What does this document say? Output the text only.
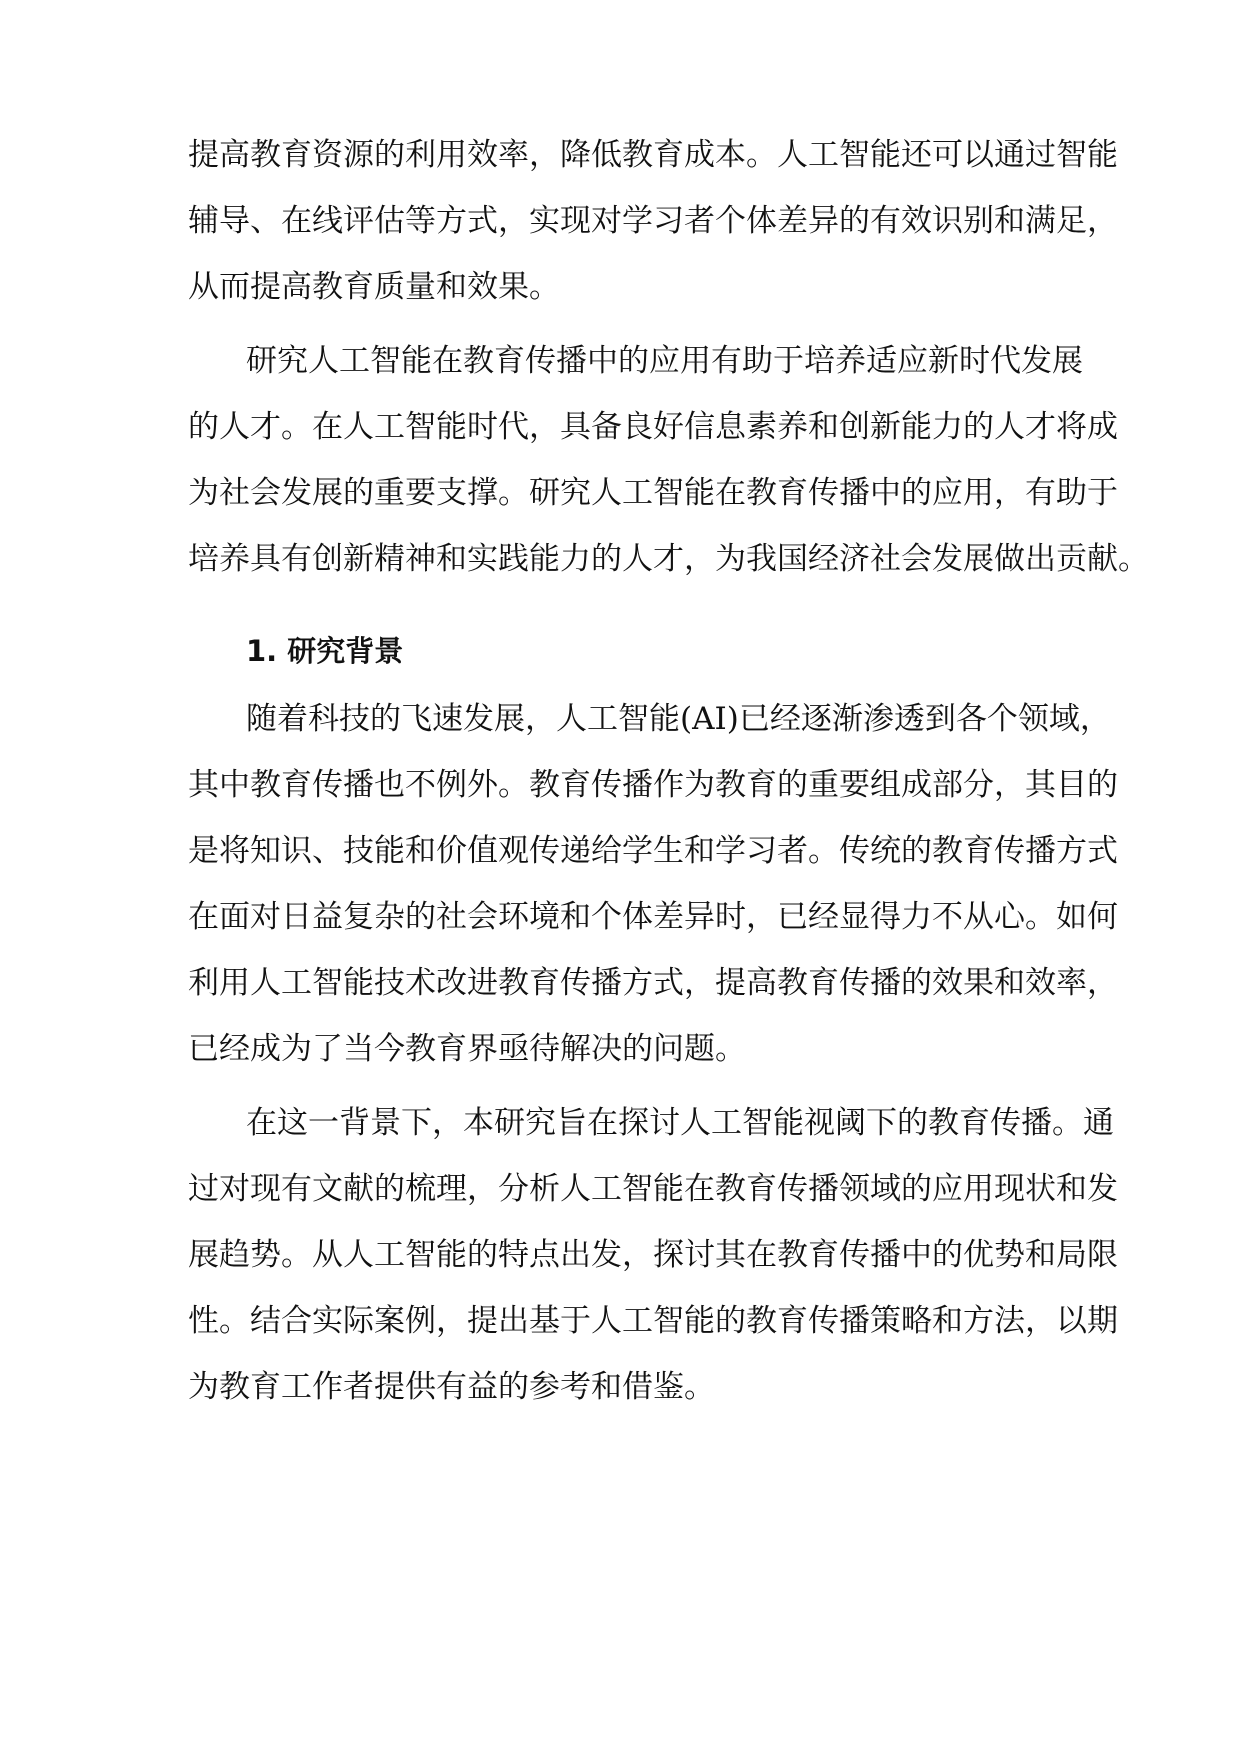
提高教育资源的利用效率，降低教育成本。人工智能还可以通过智能
辅导、在线评估等方式，实现对学习者个体差异的有效识别和满足，
从而提高教育质量和效果。
研究人工智能在教育传播中的应用有助于培养适应新时代发展
的人才。在人工智能时代，具备良好信息素养和创新能力的人才将成
为社会发展的重要支撑。研究人工智能在教育传播中的应用，有助于
培养具有创新精神和实践能力的人才，为我国经济社会发展做出贡献。
1. 研究背景
随着科技的飞速发展，人工智能(AI)已经逐渐渗透到各个领域，
其中教育传播也不例外。教育传播作为教育的重要组成部分，其目的
是将知识、技能和价值观传递给学生和学习者。传统的教育传播方式
在面对日益复杂的社会环境和个体差异时，已经显得力不从心。如何
利用人工智能技术改进教育传播方式，提高教育传播的效果和效率，
已经成为了当今教育界亟待解决的问题。
在这一背景下，本研究旨在探讨人工智能视阈下的教育传播。通
过对现有文献的梳理，分析人工智能在教育传播领域的应用现状和发
展趋势。从人工智能的特点出发，探讨其在教育传播中的优势和局限
性。结合实际案例，提出基于人工智能的教育传播策略和方法，以期
为教育工作者提供有益的参考和借鉴。
